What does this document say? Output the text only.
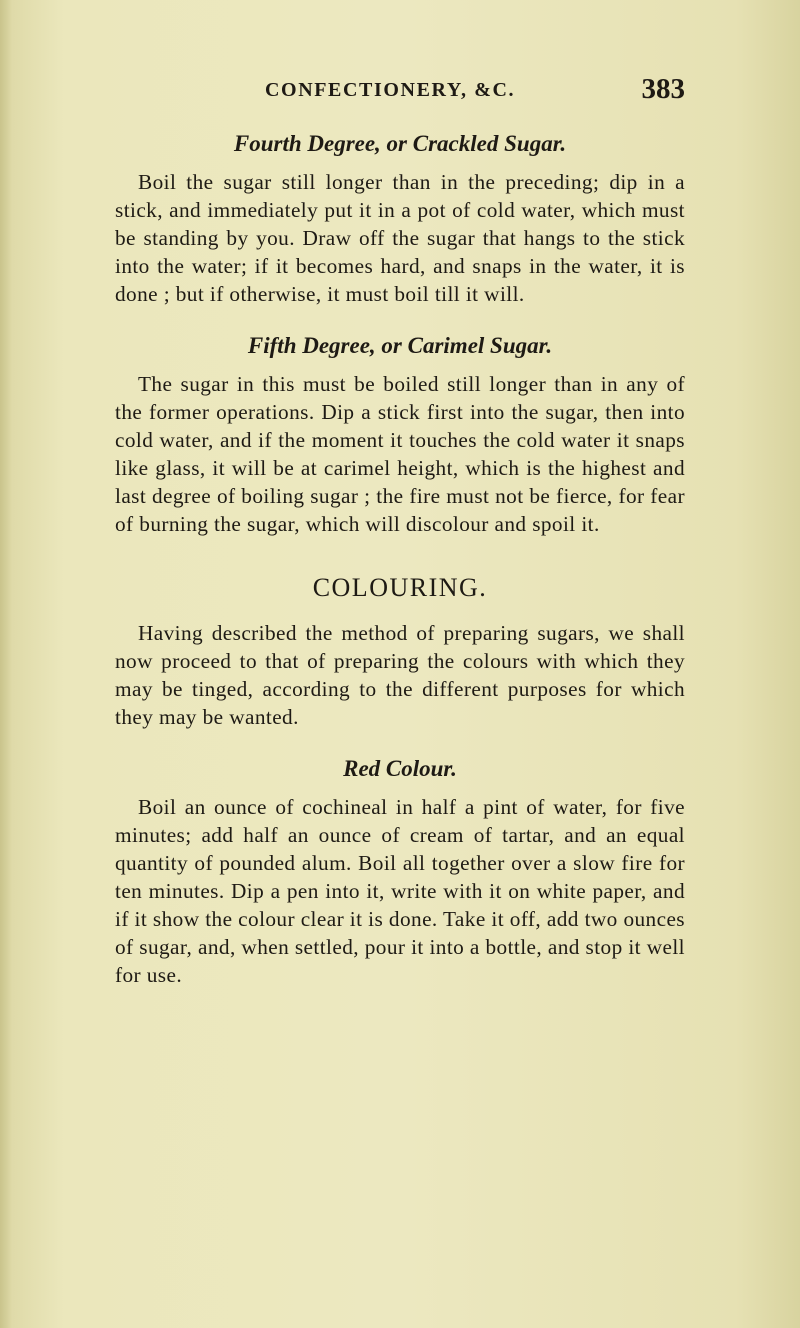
CONFECTIONERY, &C.	383

Fourth Degree, or Crackled Sugar.

Boil the sugar still longer than in the preceding; dip in a stick, and immediately put it in a pot of cold water, which must be standing by you. Draw off the sugar that hangs to the stick into the water; if it becomes hard, and snaps in the water, it is done ; but if otherwise, it must boil till it will.

Fifth Degree, or Carimel Sugar.

The sugar in this must be boiled still longer than in any of the former operations. Dip a stick first into the sugar, then into cold water, and if the moment it touches the cold water it snaps like glass, it will be at carimel height, which is the highest and last degree of boiling sugar ; the fire must not be fierce, for fear of burning the sugar, which will discolour and spoil it.

COLOURING.

Having described the method of preparing sugars, we shall now proceed to that of preparing the colours with which they may be tinged, according to the different purposes for which they may be wanted.

Red Colour.

Boil an ounce of cochineal in half a pint of water, for five minutes; add half an ounce of cream of tartar, and an equal quantity of pounded alum. Boil all together over a slow fire for ten minutes. Dip a pen into it, write with it on white paper, and if it show the colour clear it is done. Take it off, add two ounces of sugar, and, when settled, pour it into a bottle, and stop it well for use.
